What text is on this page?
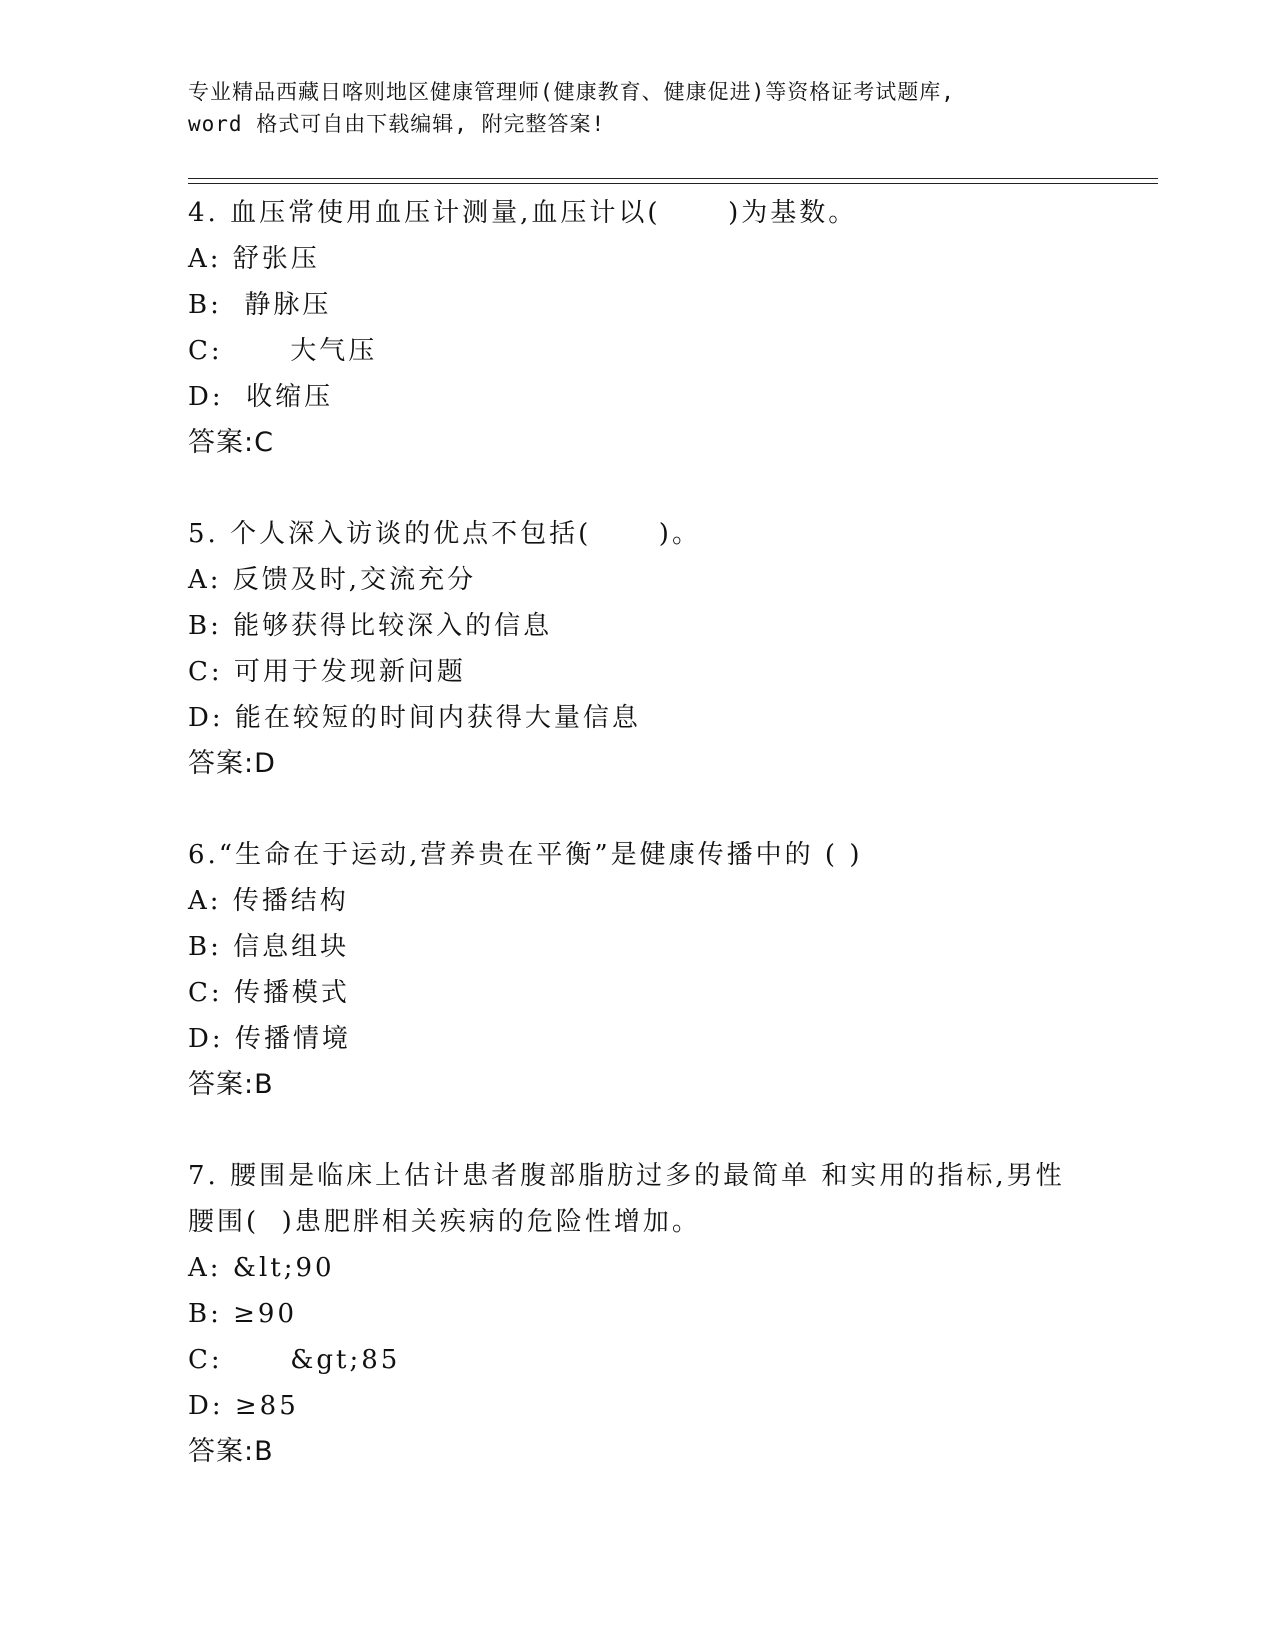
专业精品西藏日喀则地区健康管理师(健康教育、健康促进)等资格证考试题库,
word 格式可自由下载编辑, 附完整答案!
4. 血压常使用血压计测量,血压计以(      )为基数。
A: 舒张压
B:  静脉压
C:      大气压
D:  收缩压
答案:C
5. 个人深入访谈的优点不包括(      )。
A: 反馈及时,交流充分
B: 能够获得比较深入的信息
C: 可用于发现新问题
D: 能在较短的时间内获得大量信息
答案:D
6.“生命在于运动,营养贵在平衡”是健康传播中的 ( )
A: 传播结构
B: 信息组块
C: 传播模式
D: 传播情境
答案:B
7. 腰围是临床上估计患者腹部脂肪过多的最简单 和实用的指标,男性
腰围(  )患肥胖相关疾病的危险性增加。
A: &lt;90
B: ≥90
C:      &gt;85
D: ≥85
答案:B
